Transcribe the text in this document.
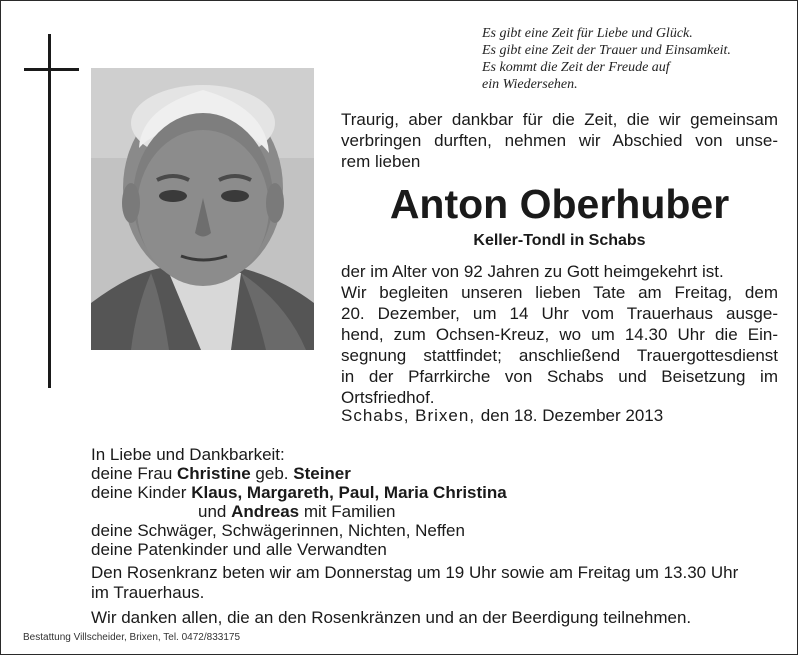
Es gibt eine Zeit für Liebe und Glück.
Es gibt eine Zeit der Trauer und Einsamkeit.
Es kommt die Zeit der Freude auf
ein Wiedersehen.
Traurig, aber dankbar für die Zeit, die wir gemeinsam
verbringen durften, nehmen wir Abschied von unse-
rem lieben
Anton Oberhuber
Keller-Tondl in Schabs
der im Alter von 92 Jahren zu Gott heimgekehrt ist.
Wir begleiten unseren lieben Tate am Freitag, dem
20. Dezember, um 14 Uhr vom Trauerhaus ausge-
hend, zum Ochsen-Kreuz, wo um 14.30 Uhr die Ein-
segnung stattfindet; anschließend Trauergottesdienst
in der Pfarrkirche von Schabs und Beisetzung im
Ortsfriedhof.
Schabs, Brixen, den 18. Dezember 2013
In Liebe und Dankbarkeit:
deine Frau Christine geb. Steiner
deine Kinder Klaus, Margareth, Paul, Maria Christina
und Andreas mit Familien
deine Schwäger, Schwägerinnen, Nichten, Neffen
deine Patenkinder und alle Verwandten
Den Rosenkranz beten wir am Donnerstag um 19 Uhr sowie am Freitag um 13.30 Uhr
im Trauerhaus.
Wir danken allen, die an den Rosenkränzen und an der Beerdigung teilnehmen.
Bestattung Villscheider, Brixen, Tel. 0472/833175
